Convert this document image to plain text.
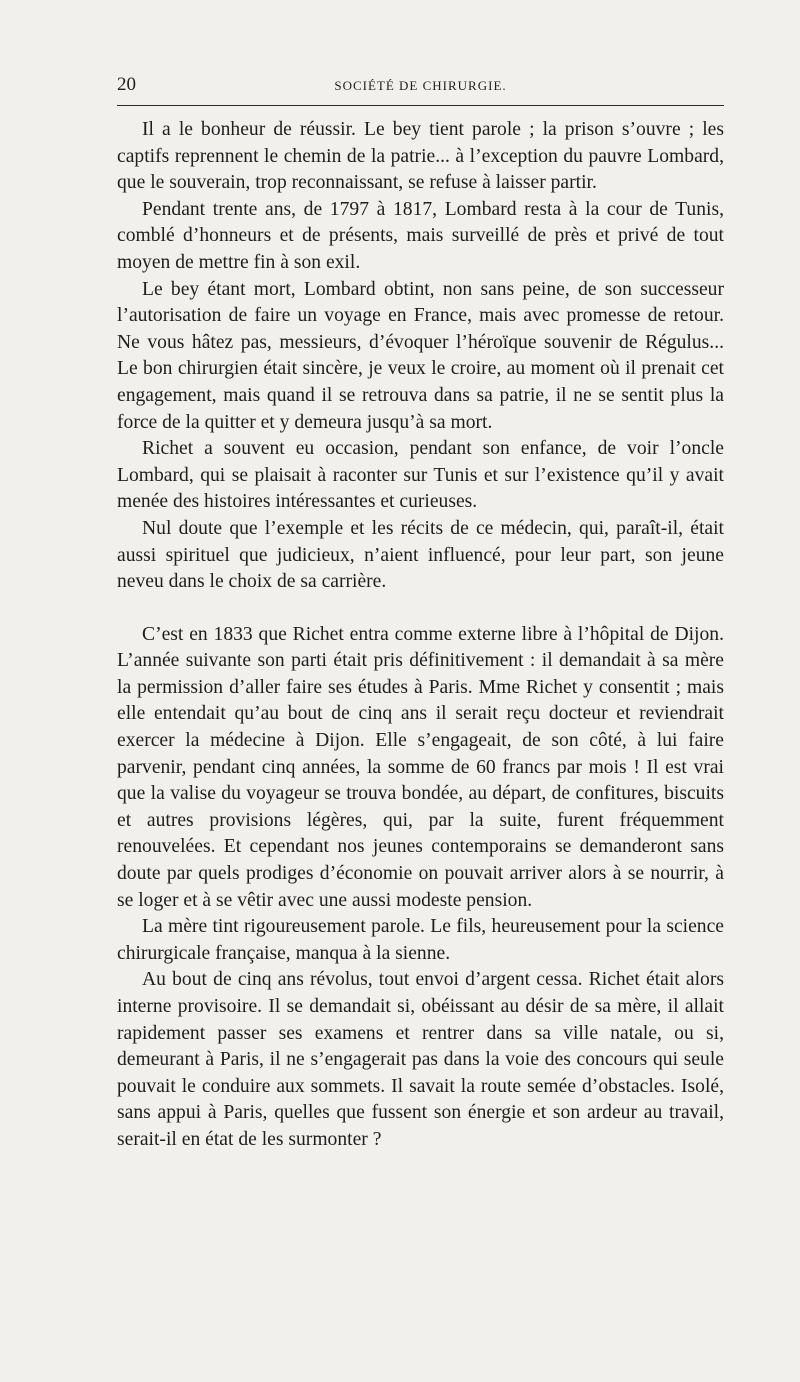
20	SOCIÉTÉ DE CHIRURGIE.

Il a le bonheur de réussir. Le bey tient parole ; la prison s’ouvre ; les captifs reprennent le chemin de la patrie... à l’exception du pauvre Lombard, que le souverain, trop reconnaissant, se refuse à laisser partir.

Pendant trente ans, de 1797 à 1817, Lombard resta à la cour de Tunis, comblé d’honneurs et de présents, mais surveillé de près et privé de tout moyen de mettre fin à son exil.

Le bey étant mort, Lombard obtint, non sans peine, de son successeur l’autorisation de faire un voyage en France, mais avec promesse de retour. Ne vous hâtez pas, messieurs, d’évoquer l’héroïque souvenir de Régulus... Le bon chirurgien était sincère, je veux le croire, au moment où il prenait cet engagement, mais quand il se retrouva dans sa patrie, il ne se sentit plus la force de la quitter et y demeura jusqu’à sa mort.

Richet a souvent eu occasion, pendant son enfance, de voir l’oncle Lombard, qui se plaisait à raconter sur Tunis et sur l’existence qu’il y avait menée des histoires intéressantes et curieuses.

Nul doute que l’exemple et les récits de ce médecin, qui, paraît-il, était aussi spirituel que judicieux, n’aient influencé, pour leur part, son jeune neveu dans le choix de sa carrière.

C’est en 1833 que Richet entra comme externe libre à l’hôpital de Dijon. L’année suivante son parti était pris définitivement : il demandait à sa mère la permission d’aller faire ses études à Paris. Mme Richet y consentit ; mais elle entendait qu’au bout de cinq ans il serait reçu docteur et reviendrait exercer la médecine à Dijon. Elle s’engageait, de son côté, à lui faire parvenir, pendant cinq années, la somme de 60 francs par mois ! Il est vrai que la valise du voyageur se trouva bondée, au départ, de confitures, biscuits et autres provisions légères, qui, par la suite, furent fréquemment renouvelées. Et cependant nos jeunes contemporains se demanderont sans doute par quels prodiges d’économie on pouvait arriver alors à se nourrir, à se loger et à se vêtir avec une aussi modeste pension.

La mère tint rigoureusement parole. Le fils, heureusement pour la science chirurgicale française, manqua à la sienne.

Au bout de cinq ans révolus, tout envoi d’argent cessa. Richet était alors interne provisoire. Il se demandait si, obéissant au désir de sa mère, il allait rapidement passer ses examens et rentrer dans sa ville natale, ou si, demeurant à Paris, il ne s’engagerait pas dans la voie des concours qui seule pouvait le conduire aux sommets. Il savait la route semée d’obstacles. Isolé, sans appui à Paris, quelles que fussent son énergie et son ardeur au travail, serait-il en état de les surmonter ?
